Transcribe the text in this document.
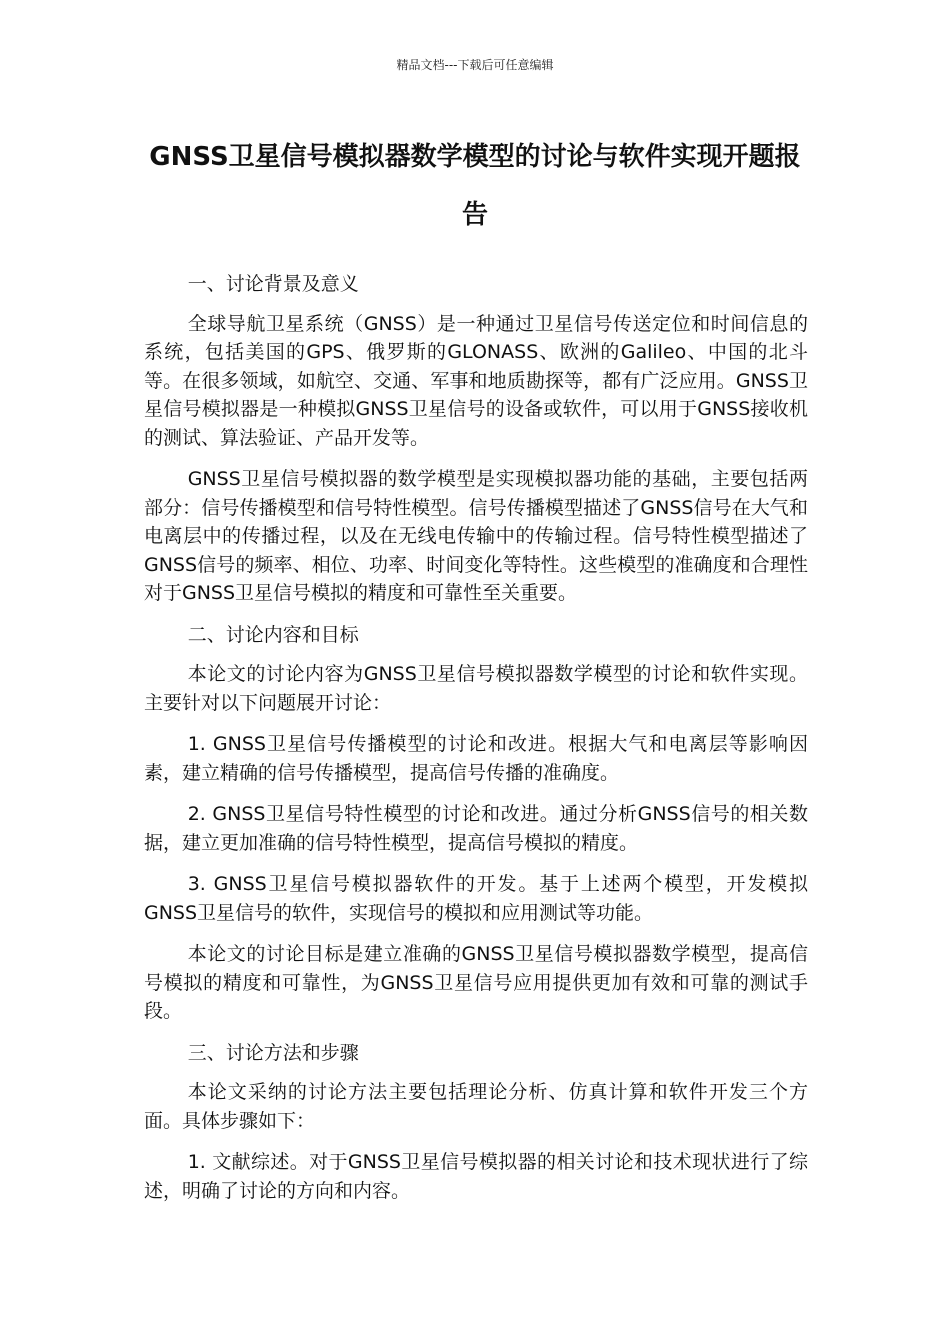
精品文档---下载后可任意编辑
GNSS卫星信号模拟器数学模型的讨论与软件实现开题报告

一、讨论背景及意义

全球导航卫星系统（GNSS）是一种通过卫星信号传送定位和时间信息的系统，包括美国的GPS、俄罗斯的GLONASS、欧洲的Galileo、中国的北斗等。在很多领域，如航空、交通、军事和地质勘探等，都有广泛应用。GNSS卫星信号模拟器是一种模拟GNSS卫星信号的设备或软件，可以用于GNSS接收机的测试、算法验证、产品开发等。

GNSS卫星信号模拟器的数学模型是实现模拟器功能的基础，主要包括两部分：信号传播模型和信号特性模型。信号传播模型描述了GNSS信号在大气和电离层中的传播过程，以及在无线电传输中的传输过程。信号特性模型描述了GNSS信号的频率、相位、功率、时间变化等特性。这些模型的准确度和合理性对于GNSS卫星信号模拟的精度和可靠性至关重要。

二、讨论内容和目标

本论文的讨论内容为GNSS卫星信号模拟器数学模型的讨论和软件实现。主要针对以下问题展开讨论：

1. GNSS卫星信号传播模型的讨论和改进。根据大气和电离层等影响因素，建立精确的信号传播模型，提高信号传播的准确度。

2. GNSS卫星信号特性模型的讨论和改进。通过分析GNSS信号的相关数据，建立更加准确的信号特性模型，提高信号模拟的精度。

3. GNSS卫星信号模拟器软件的开发。基于上述两个模型，开发模拟GNSS卫星信号的软件，实现信号的模拟和应用测试等功能。

本论文的讨论目标是建立准确的GNSS卫星信号模拟器数学模型，提高信号模拟的精度和可靠性，为GNSS卫星信号应用提供更加有效和可靠的测试手段。

三、讨论方法和步骤

本论文采纳的讨论方法主要包括理论分析、仿真计算和软件开发三个方面。具体步骤如下：

1. 文献综述。对于GNSS卫星信号模拟器的相关讨论和技术现状进行了综述，明确了讨论的方向和内容。
